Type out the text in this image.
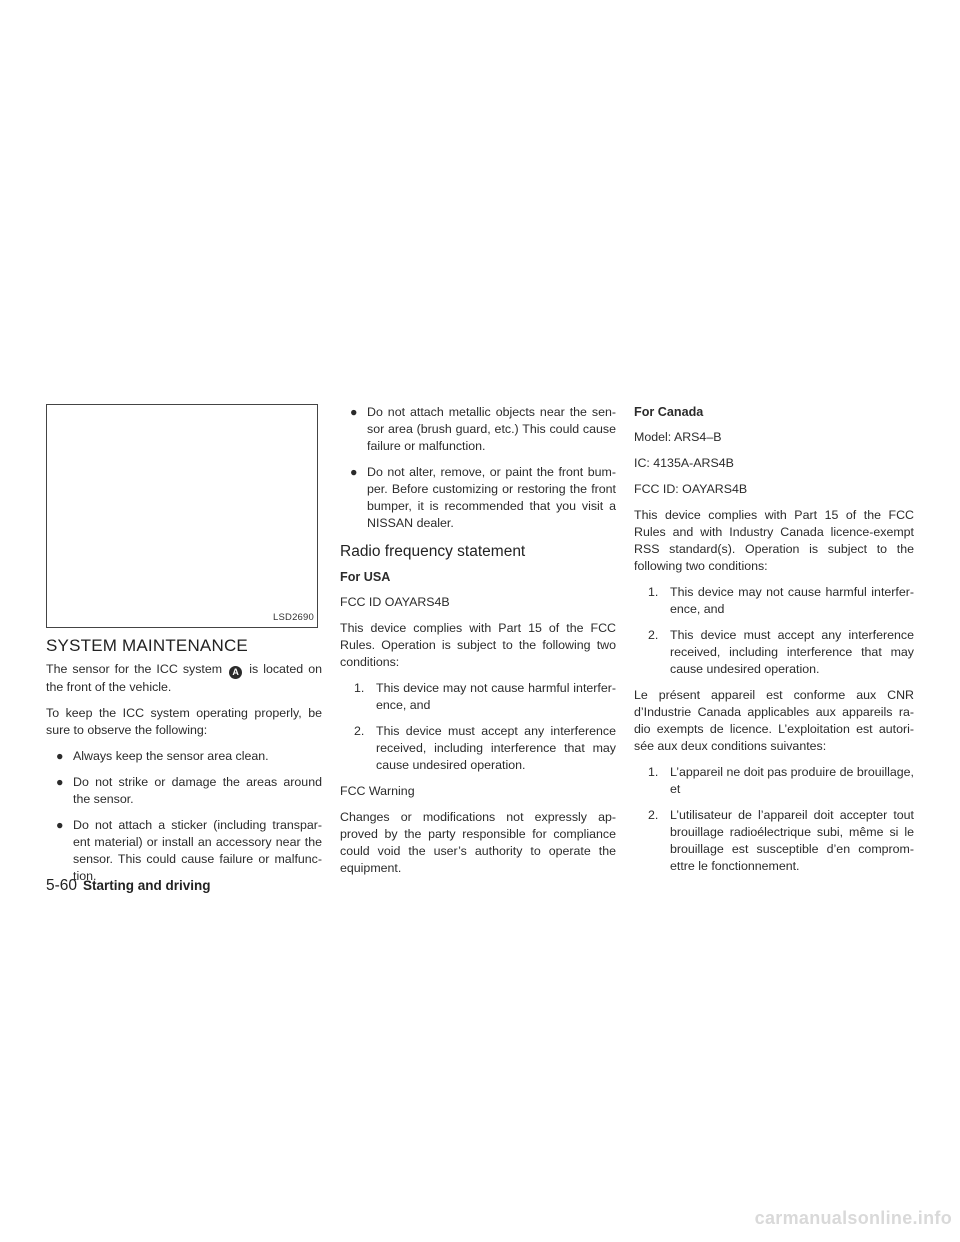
LSD2690
SYSTEM MAINTENANCE

The sensor for the ICC system A is located on the front of the vehicle.

To keep the ICC system operating properly, be sure to observe the following:

● Always keep the sensor area clean.
● Do not strike or damage the areas around the sensor.
● Do not attach a sticker (including transpar- ent material) or install an accessory near the sensor. This could cause failure or malfunc- tion.
● Do not attach metallic objects near the sen- sor area (brush guard, etc.) This could cause failure or malfunction.
● Do not alter, remove, or paint the front bum- per. Before customizing or restoring the front bumper, it is recommended that you visit a NISSAN dealer.
Radio frequency statement
For USA

FCC ID OAYARS4B

This device complies with Part 15 of the FCC Rules. Operation is subject to the following two conditions:

1. This device may not cause harmful interfer- ence, and
2. This device must accept any interference received, including interference that may cause undesired operation.

FCC Warning

Changes or modifications not expressly ap- proved by the party responsible for compliance could void the user’s authority to operate the equipment.

For Canada

Model: ARS4–B

IC: 4135A-ARS4B

FCC ID: OAYARS4B

This device complies with Part 15 of the FCC Rules and with Industry Canada licence-exempt RSS standard(s). Operation is subject to the following two conditions:

1. This device may not cause harmful interfer- ence, and
2. This device must accept any interference received, including interference that may cause undesired operation.

Le présent appareil est conforme aux CNR d’Industrie Canada applicables aux appareils ra- dio exempts de licence. L’exploitation est autori- sée aux deux conditions suivantes:

1. L’appareil ne doit pas produire de brouillage, et
2. L’utilisateur de l’appareil doit accepter tout brouillage radioélectrique subi, même si le brouillage est susceptible d’en comprom- ettre le fonctionnement.
5-60 Starting and driving
carmanualsonline.info
